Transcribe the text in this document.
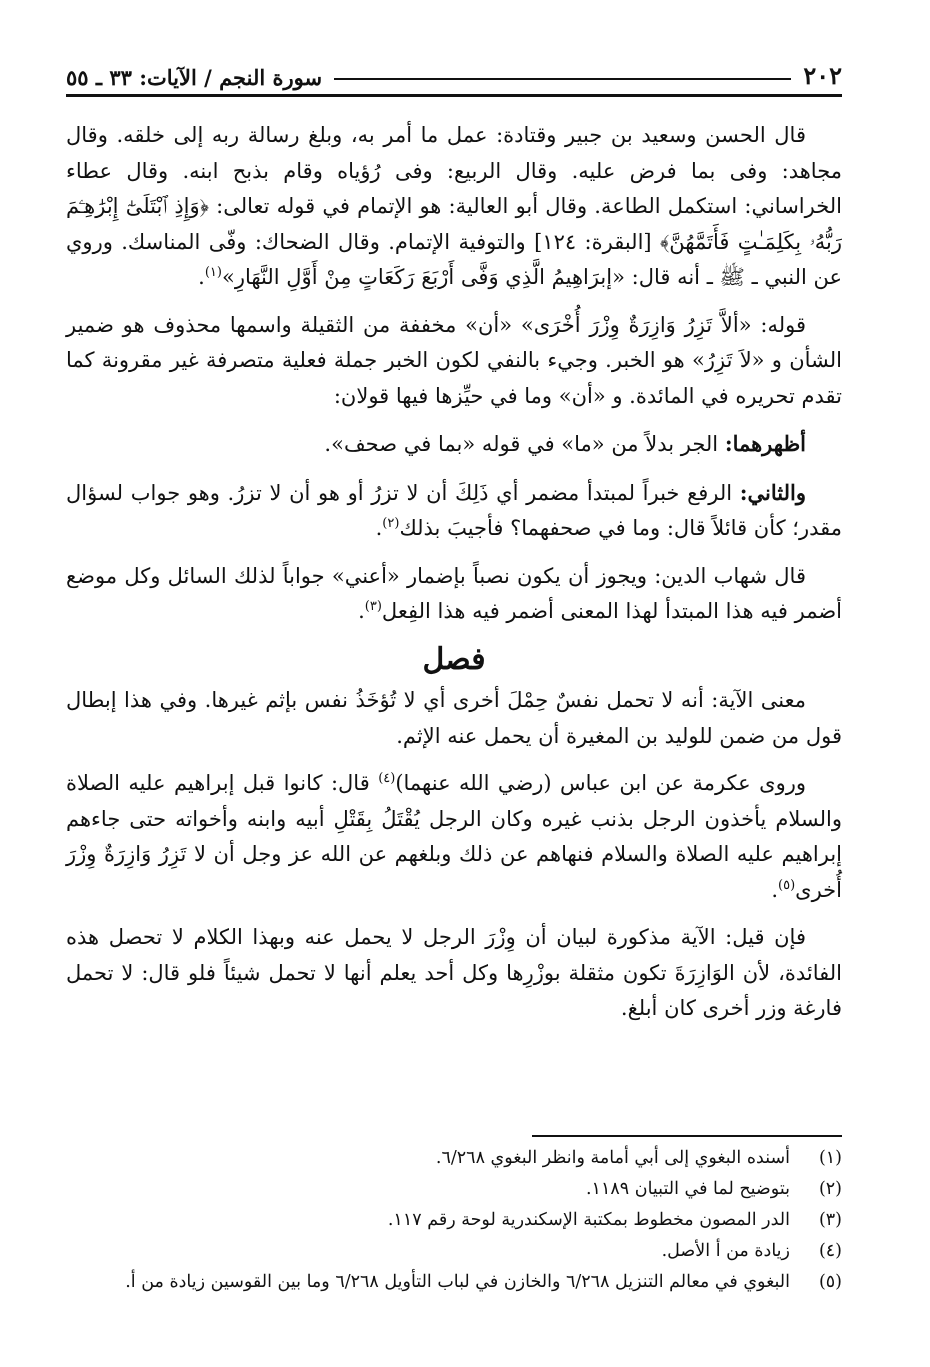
٢٠٢
سورة النجم / الآيات: ٣٣ ـ ٥٥

قال الحسن وسعيد بن جبير وقتادة: عمل ما أمر به، وبلغ رسالة ربه إلى خلقه. وقال مجاهد: وفى بما فرض عليه. وقال الربيع: وفى رُؤياه وقام بذبح ابنه. وقال عطاء الخراساني: استكمل الطاعة. وقال أبو العالية: هو الإتمام في قوله تعالى: ﴿وَإِذِ ٱبْتَلَىٰٓ إِبْرَٰهِـۧمَ رَبُّهُۥ بِكَلِمَـٰتٍ فَأَتَمَّهُنَّ﴾ [البقرة: ١٢٤] والتوفية الإتمام. وقال الضحاك: وفّى المناسك. وروي عن النبي ـ ﷺ ـ أنه قال: «إبرَاهِيمُ الَّذِي وَفَّى أَرْبَعَ رَكَعَاتٍ مِنْ أَوَّلِ النَّهَارِ»$^{(١)}$.

قوله: «ألاَّ تَزِرُ وَازِرَةٌ وِزْرَ أُخْرَى» «أن» مخففة من الثقيلة واسمها محذوف هو ضمير الشأن و «لاَ تَزِرُ» هو الخبر. وجيء بالنفي لكون الخبر جملة فعلية متصرفة غير مقرونة كما تقدم تحريره في المائدة. و «أن» وما في حيِّزها فيها قولان:

أظهرهما: الجر بدلاً من «ما» في قوله «بما في صحف».

والثاني: الرفع خبراً لمبتدأ مضمر أي ذَلِكَ أن لا تزرُ أو هو أن لا تزرُ. وهو جواب لسؤال مقدر؛ كأن قائلاً قال: وما في صحفهما؟ فأجيبَ بذلك$^{(٢)}$.

قال شهاب الدين: ويجوز أن يكون نصباً بإضمار «أعني» جواباً لذلك السائل وكل موضع أضمر فيه هذا المبتدأ لهذا المعنى أضمر فيه هذا الفِعل$^{(٣)}$.

فصل

معنى الآية: أنه لا تحمل نفسٌ حِمْلَ أخرى أي لا تُؤخَذُ نفس بإثم غيرها. وفي هذا إبطال قول من ضمن للوليد بن المغيرة أن يحمل عنه الإثم.

وروى عكرمة عن ابن عباس (رضي الله عنهما)$^{(٤)}$ قال: كانوا قبل إبراهيم عليه الصلاة والسلام يأخذون الرجل بذنب غيره وكان الرجل يُقْتَلُ بِقَتْلِ أبيه وابنه وأخواته حتى جاءهم إبراهيم عليه الصلاة والسلام فنهاهم عن ذلك وبلغهم عن الله عز وجل أن لا تَزِرُ وَازِرَةٌ وِزْرَ أُخرى$^{(٥)}$.

فإن قيل: الآية مذكورة لبيان أن وِزْرَ الرجل لا يحمل عنه وبهذا الكلام لا تحصل هذه الفائدة، لأن الوَازِرَةَ تكون مثقلة بوزْرِها وكل أحد يعلم أنها لا تحمل شيئاً فلو قال: لا تحمل فارغة وزر أخرى كان أبلغ.

(١)
أسنده البغوي إلى أبي أمامة وانظر البغوي ٦/٢٦٨.
(٢)
بتوضيح لما في التبيان ١١٨٩.
(٣)
الدر المصون مخطوط بمكتبة الإسكندرية لوحة رقم ١١٧.
(٤)
زيادة من أ الأصل.
(٥)
البغوي في معالم التنزيل ٦/٢٦٨ والخازن في لباب التأويل ٦/٢٦٨ وما بين القوسين زيادة من أ.
